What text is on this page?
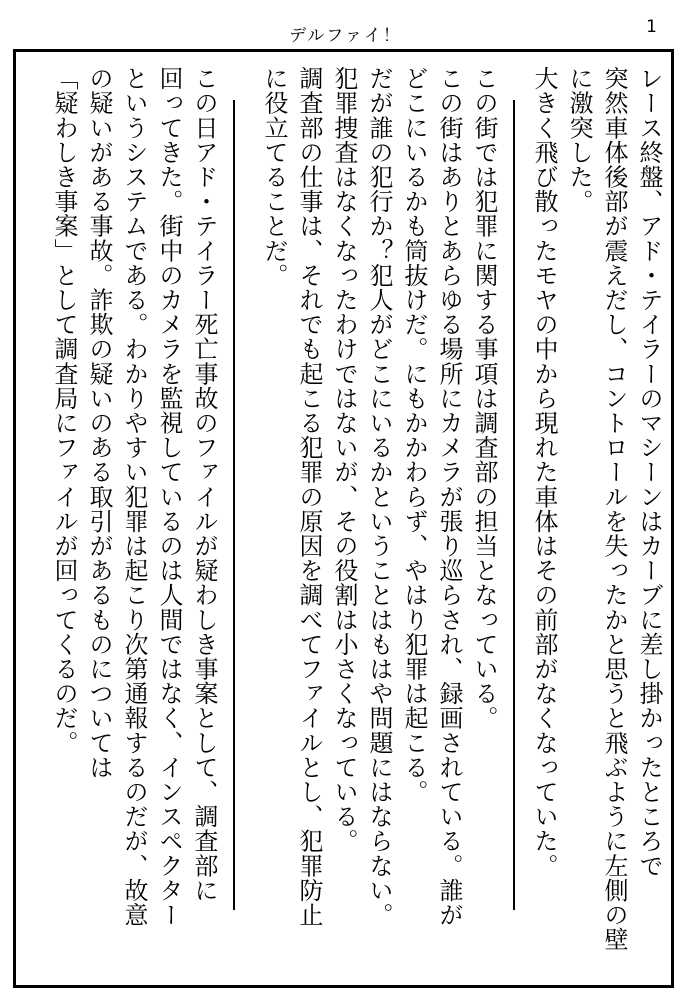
デルファイ！	1
レース終盤、アド・テイラーのマシーンはカーブに差し掛かったところで
突然車体後部が震えだし、コントロールを失ったかと思うと飛ぶように左側の壁
に激突した。
大きく飛び散ったモヤの中から現れた車体はその前部がなくなっていた。
この街では犯罪に関する事項は調査部の担当となっている。
この街はありとあらゆる場所にカメラが張り巡らされ、録画されている。誰が
どこにいるかも筒抜けだ。にもかかわらず、やはり犯罪は起こる。
だが誰の犯行か？犯人がどこにいるかということはもはや問題にはならない。
犯罪捜査はなくなったわけではないが、その役割は小さくなっている。
調査部の仕事は、それでも起こる犯罪の原因を調べてファイルとし、犯罪防止
に役立てることだ。
この日アド・テイラー死亡事故のファイルが疑わしき事案として、調査部に
回ってきた。街中のカメラを監視しているのは人間ではなく、インスペクター
というシステムである。わかりやすい犯罪は起こり次第通報するのだが、故意
の疑いがある事故。詐欺の疑いのある取引があるものについては
「疑わしき事案」として調査局にファイルが回ってくるのだ。
